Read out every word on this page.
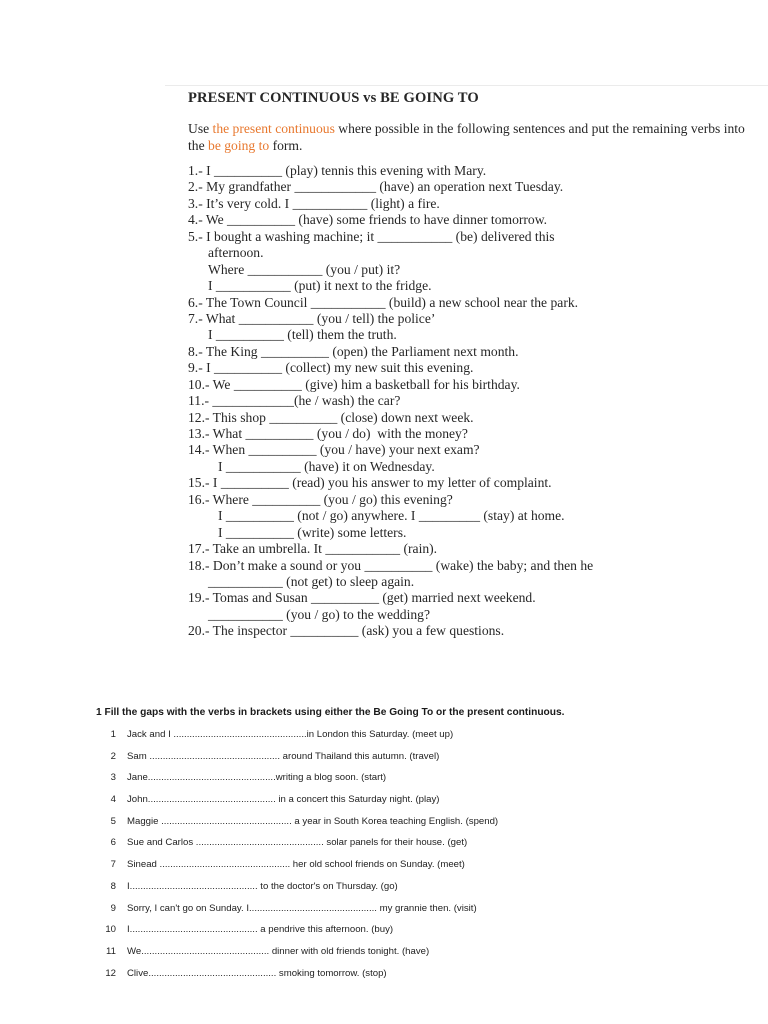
PRESENT CONTINUOUS vs BE GOING TO
Use the present continuous where possible in the following sentences and put the remaining verbs into the be going to form.
1.- I __________ (play) tennis this evening with Mary.
2.- My grandfather ____________ (have) an operation next Tuesday.
3.- It’s very cold. I ___________ (light) a fire.
4.- We __________ (have) some friends to have dinner tomorrow.
5.- I bought a washing machine; it ___________ (be) delivered this
afternoon.
Where ___________ (you / put) it?
I ___________ (put) it next to the fridge.
6.- The Town Council ___________ (build) a new school near the park.
7.- What ___________ (you / tell) the police’
I __________ (tell) them the truth.
8.- The King __________ (open) the Parliament next month.
9.- I __________ (collect) my new suit this evening.
10.- We __________ (give) him a basketball for his birthday.
11.- ____________(he / wash) the car?
12.- This shop __________ (close) down next week.
13.- What __________ (you / do)  with the money?
14.- When __________ (you / have) your next exam?
I ___________ (have) it on Wednesday.
15.- I __________ (read) you his answer to my letter of complaint.
16.- Where __________ (you / go) this evening?
I __________ (not / go) anywhere. I _________ (stay) at home.
I __________ (write) some letters.
17.- Take an umbrella. It ___________ (rain).
18.- Don’t make a sound or you __________ (wake) the baby; and then he
___________ (not get) to sleep again.
19.- Tomas and Susan __________ (get) married next weekend.
___________ (you / go) to the wedding?
20.- The inspector __________ (ask) you a few questions.
1 Fill the gaps with the verbs in brackets using either the Be Going To or the present continuous.
1 Jack and I ..................................................in London this Saturday. (meet up)
2 Sam ................................................. around Thailand this autumn. (travel)
3 Jane................................................writing a blog soon. (start)
4 John................................................ in a concert this Saturday night. (play)
5 Maggie ................................................. a year in South Korea teaching English. (spend)
6 Sue and Carlos ................................................ solar panels for their house. (get)
7 Sinead ................................................. her old school friends on Sunday. (meet)
8 I................................................ to the doctor's on Thursday. (go)
9 Sorry, I can't go on Sunday. I................................................ my grannie then. (visit)
10 I................................................ a pendrive this afternoon. (buy)
11 We................................................ dinner with old friends tonight. (have)
12 Clive................................................ smoking tomorrow. (stop)
